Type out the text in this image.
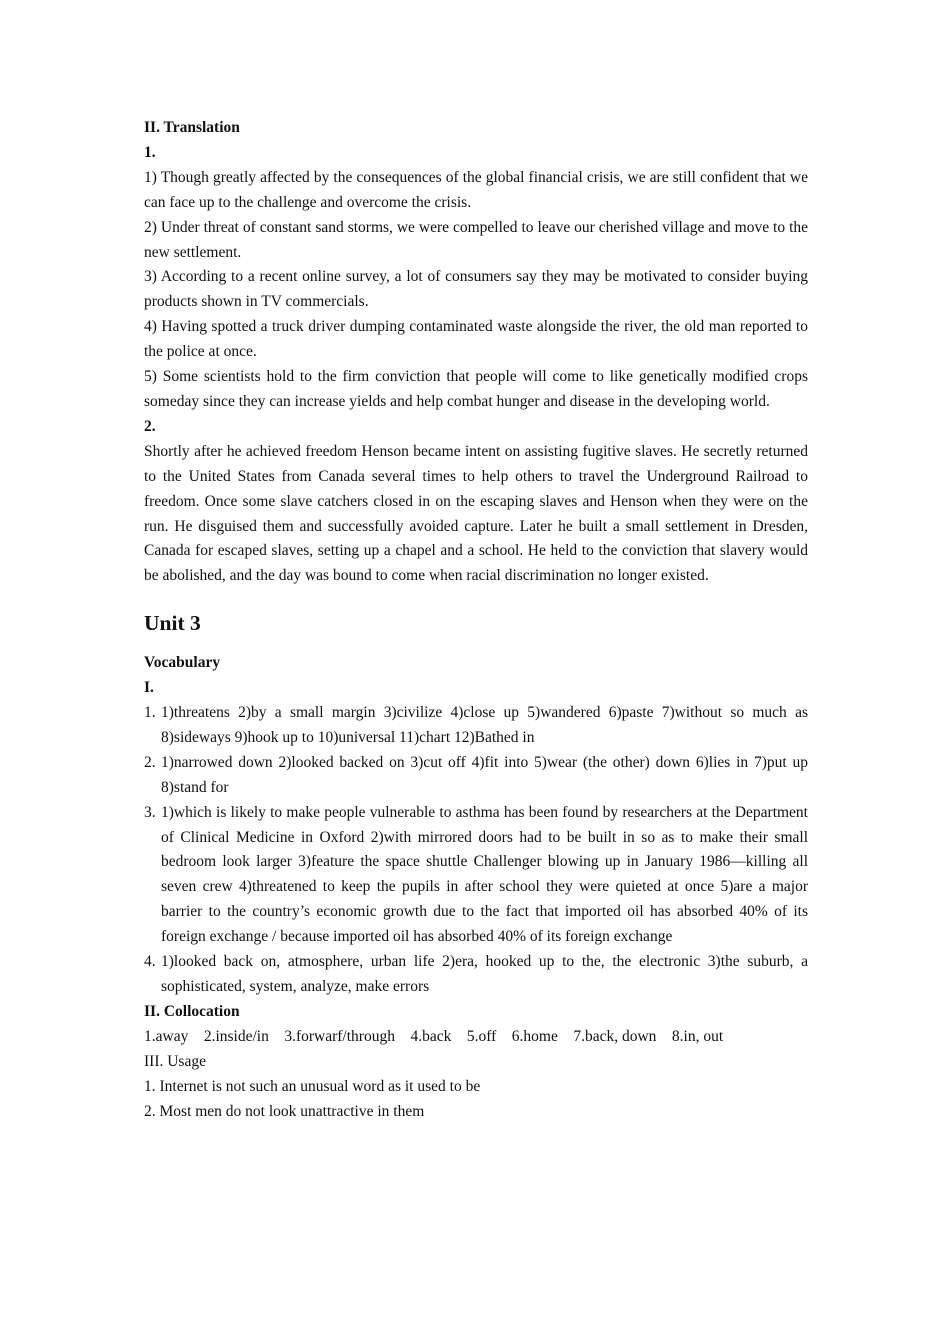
II. Translation

1.

1) Though greatly affected by the consequences of the global financial crisis, we are still confident that we can face up to the challenge and overcome the crisis.

2) Under threat of constant sand storms, we were compelled to leave our cherished village and move to the new settlement.

3) According to a recent online survey, a lot of consumers say they may be motivated to consider buying products shown in TV commercials.

4) Having spotted a truck driver dumping contaminated waste alongside the river, the old man reported to the police at once.

5) Some scientists hold to the firm conviction that people will come to like genetically modified crops someday since they can increase yields and help combat hunger and disease in the developing world.

2.

Shortly after he achieved freedom Henson became intent on assisting fugitive slaves. He secretly returned to the United States from Canada several times to help others to travel the Underground Railroad to freedom. Once some slave catchers closed in on the escaping slaves and Henson when they were on the run. He disguised them and successfully avoided capture. Later he built a small settlement in Dresden, Canada for escaped slaves, setting up a chapel and a school. He held to the conviction that slavery would be abolished, and the day was bound to come when racial discrimination no longer existed.

Unit 3

Vocabulary

I.

1. 1)threatens 2)by a small margin 3)civilize 4)close up 5)wandered 6)paste 7)without so much as 8)sideways 9)hook up to 10)universal 11)chart 12)Bathed in
2. 1)narrowed down 2)looked backed on 3)cut off 4)fit into 5)wear (the other) down 6)lies in 7)put up 8)stand for
3. 1)which is likely to make people vulnerable to asthma has been found by researchers at the Department of Clinical Medicine in Oxford 2)with mirrored doors had to be built in so as to make their small bedroom look larger 3)feature the space shuttle Challenger blowing up in January 1986—killing all seven crew 4)threatened to keep the pupils in after school they were quieted at once 5)are a major barrier to the country’s economic growth due to the fact that imported oil has absorbed 40% of its foreign exchange / because imported oil has absorbed 40% of its foreign exchange
4. 1)looked back on, atmosphere, urban life 2)era, hooked up to the, the electronic 3)the suburb, a sophisticated, system, analyze, make errors

II. Collocation

1.away    2.inside/in    3.forwarf/through    4.back    5.off    6.home    7.back, down    8.in, out

III. Usage

1. Internet is not such an unusual word as it used to be

2. Most men do not look unattractive in them
